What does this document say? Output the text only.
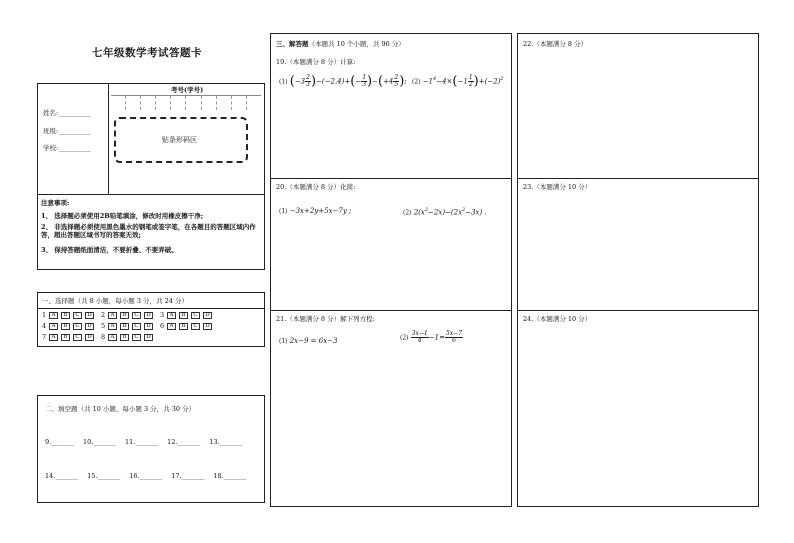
七年级数学考试答题卡
姓名:__________
班级:__________
学校:__________
考号(学号)
贴条形码区
注意事项:
1、 选择题必须使用2B铅笔填涂，修改时用橡皮擦干净;
2、 非选择题必须使用黑色墨水的钢笔或签字笔，在各题目的答题区域内作答，超出答题区域书写的答案无效;
3、 保持答题纸面清洁，不要折叠、不要弄破。
一、选择题（共 8 小题，每小题 3 分，共 24 分）
1 A B C D 2 A B C D 3 A B C D
4 A B C D 5 A B C D 6 A B C D
7 A B C D 8 A B C D
二、填空题（共 10 小题，每小题 3 分，共 30 分）
9._______ 10._______ 11._______ 12._______ 13._______
14._______ 15._______ 16._______ 17._______ 18._______
三、解答题（本题共 10 个小题，共 96 分）
19.（本题满分 8 分）计算:
(1) $(-3 \frac{2}{3} )-(-2.4)+(- \frac{1}{3} )-(+4 \frac{2}{5}$ ); $(2) -1^4-4\times(-1 \frac{1}{2} )+(-2)^2$
20.（本题满分 8 分）化简:
(1) −3x+2y+5x−7y ;	(2) $2(x^2-2x)-(2x^2-3x)$ .
21.（本题满分 8 分）解下列方程:
(1) 2x−9 = 6x−3	$(2) \frac{3x-1}{4} -1= \frac{5x-7}{6}$
22.（本题满分 8 分）
23.（本题满分 10 分）
24.（本题满分 10 分）
